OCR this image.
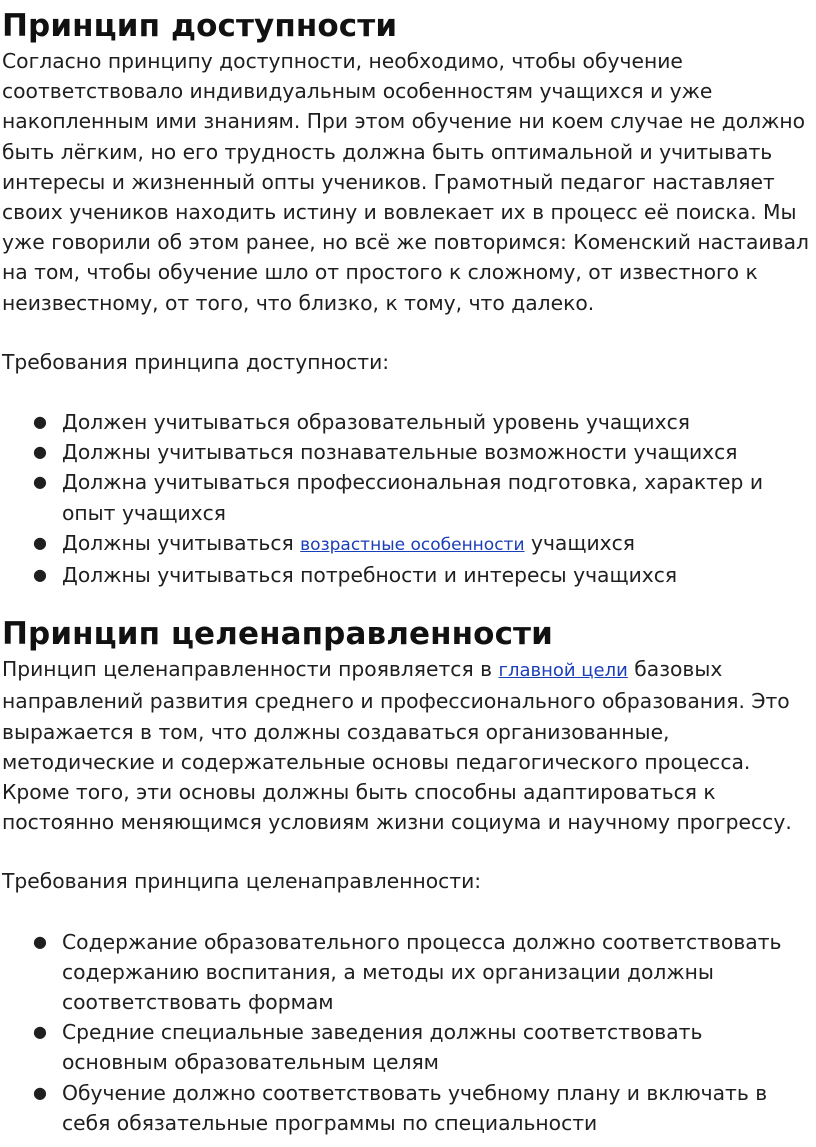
Принцип доступности

Согласно принципу доступности, необходимо, чтобы обучение соответствовало индивидуальным особенностям учащихся и уже накопленным ими знаниям. При этом обучение ни коем случае не должно быть лёгким, но его трудность должна быть оптимальной и учитывать интересы и жизненный опты учеников. Грамотный педагог наставляет своих учеников находить истину и вовлекает их в процесс её поиска. Мы уже говорили об этом ранее, но всё же повторимся: Коменский настаивал на том, чтобы обучение шло от простого к сложному, от известного к неизвестному, от того, что близко, к тому, что далеко.

Требования принципа доступности:

● Должен учитываться образовательный уровень учащихся
● Должны учитываться познавательные возможности учащихся
● Должна учитываться профессиональная подготовка, характер и опыт учащихся
● Должны учитываться возрастные особенности учащихся
● Должны учитываться потребности и интересы учащихся
Принцип целенаправленности

Принцип целенаправленности проявляется в главной цели базовых направлений развития среднего и профессионального образования. Это выражается в том, что должны создаваться организованные, методические и содержательные основы педагогического процесса. Кроме того, эти основы должны быть способны адаптироваться к постоянно меняющимся условиям жизни социума и научному прогрессу.

Требования принципа целенаправленности:

● Содержание образовательного процесса должно соответствовать содержанию воспитания, а методы их организации должны соответствовать формам
● Средние специальные заведения должны соответствовать основным образовательным целям
● Обучение должно соответствовать учебному плану и включать в себя обязательные программы по специальности
